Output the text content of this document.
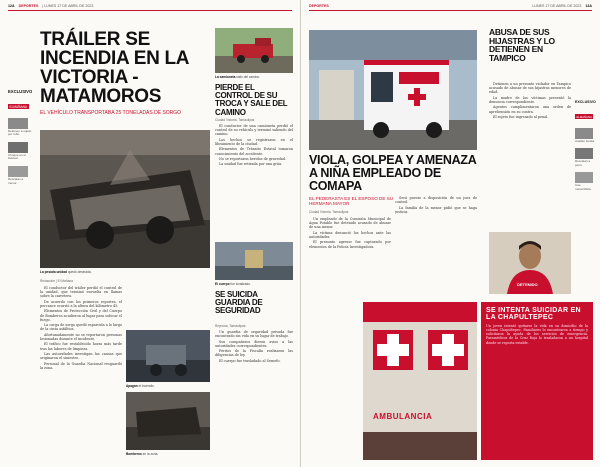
12A DEPORTES | LUNES 17 DE ABRIL DE 2023
EXCLUSIVO
ELMAÑANA
Detienen a sujeto por robo.
Choque en el bulevar.
Rescatan a menor.
TRÁILER SE INCENDIA EN LA VICTORIA - MATAMOROS
EL VEHÍCULO TRANSPORTABA 25 TONELADAS DE SORGO
La pesada unidad quedó destruida.
Redacción | El Mañana

El conductor del tráiler perdió el control de la unidad, que terminó envuelta en llamas sobre la carretera.

De acuerdo con los primeros reportes, el percance ocurrió a la altura del kilómetro 45.

Elementos de Protección Civil y del Cuerpo de Bomberos acudieron al lugar para sofocar el fuego.

La carga de sorgo quedó esparcida a lo largo de la cinta asfáltica.

Afortunadamente no se reportaron personas lesionadas durante el incidente.

El tráfico fue restablecido horas más tarde tras las labores de limpieza.

Las autoridades investigan las causas que originaron el siniestro.

Personal de la Guardia Nacional resguardó la zona.

Apagan el incendio.
Bomberos en la zona.
La camioneta salió del camino.
PIERDE EL CONTROL DE SU TROCA Y SALE DEL CAMINO
Ciudad Victoria, Tamaulipas

El conductor de una camioneta perdió el control de su vehículo y terminó saliendo del camino.

Los hechos se registraron en el libramiento de la ciudad.

Elementos de Tránsito Estatal tomaron conocimiento del accidente.

No se reportaron heridos de gravedad.

La unidad fue retirada por una grúa.

El cuerpo fue localizado.
SE SUICIDA GUARDIA DE SEGURIDAD
Reynosa, Tamaulipas

Un guardia de seguridad privada fue encontrado sin vida en su lugar de trabajo.

Sus compañeros dieron aviso a las autoridades correspondientes.

Peritos de la Fiscalía realizaron las diligencias de ley.

El cuerpo fue trasladado al Semefo.

DEPORTES	LUNES 17 DE ABRIL DE 2023 13A
VIOLA, GOLPEA Y AMENAZA A NIÑA EMPLEADO DE COMAPA
EL PEDERASTA ES EL ESPOSO DE SU HERMANA MAYOR
Ciudad Victoria, Tamaulipas

Un empleado de la Comisión Municipal de Agua Potable fue detenido acusado de abusar de una menor.

La víctima denunció los hechos ante las autoridades.

El presunto agresor fue capturado por elementos de la Policía Investigadora.

Será puesto a disposición de un juez de control.

La familia de la menor pidió que se haga justicia.

ABUSA DE SUS HIJASTRAS Y LO DETIENEN EN TAMPICO

Detienen a un presunto violador en Tampico acusado de abusar de sus hijastras menores de edad.

La madre de las víctimas presentó la denuncia correspondiente.

Agentes cumplimentaron una orden de aprehensión en su contra.

El sujeto fue ingresado al penal.

DETENIDO
EXCLUSIVO
ELMAÑANA
Asaltan tienda.
Rescatan a perro.
Cae motociclista.
AMBULANCIA
SE INTENTA SUICIDAR EN LA CHAPULTEPEC
Un joven intentó quitarse la vida en su domicilio de la colonia Chapultepec. Familiares lo encontraron a tiempo y solicitaron la ayuda de los servicios de emergencia. Paramédicos de la Cruz Roja lo trasladaron a un hospital donde se reporta estable.
